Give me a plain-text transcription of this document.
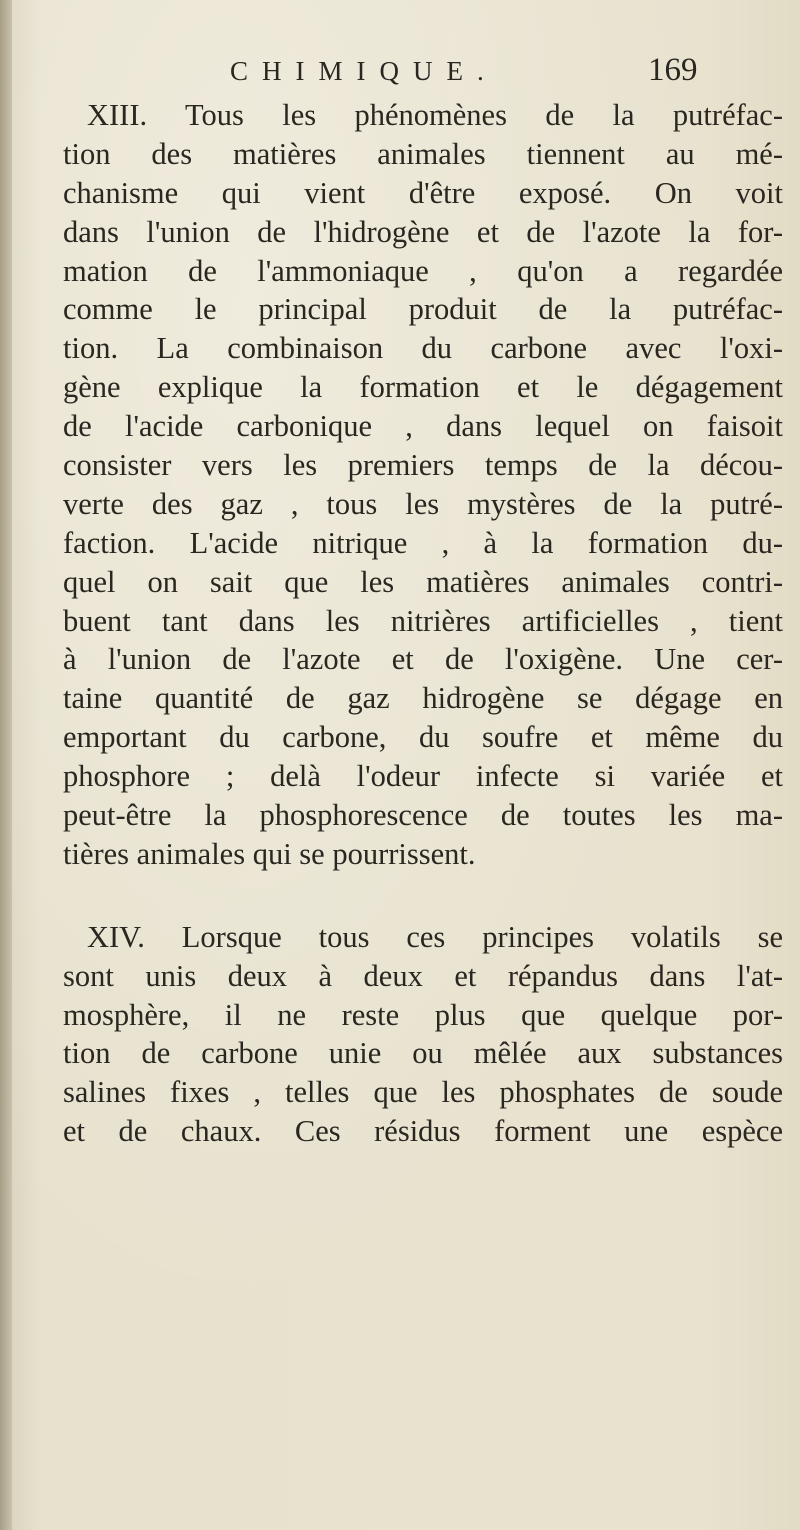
CHIMIQUE.	169
XIII. Tous les phénomènes de la putréfac-
tion des matières animales tiennent au mé-
chanisme qui vient d'être exposé. On voit
dans l'union de l'hidrogène et de l'azote la for-
mation de l'ammoniaque , qu'on a regardée
comme le principal produit de la putréfac-
tion. La combinaison du carbone avec l'oxi-
gène explique la formation et le dégagement
de l'acide carbonique , dans lequel on faisoit
consister vers les premiers temps de la décou-
verte des gaz , tous les mystères de la putré-
faction. L'acide nitrique , à la formation du-
quel on sait que les matières animales contri-
buent tant dans les nitrières artificielles , tient
à l'union de l'azote et de l'oxigène. Une cer-
taine quantité de gaz hidrogène se dégage en
emportant du carbone, du soufre et même du
phosphore ; delà l'odeur infecte si variée et
peut-être la phosphorescence de toutes les ma-
tières animales qui se pourrissent.
XIV. Lorsque tous ces principes volatils se
sont unis deux à deux et répandus dans l'at-
mosphère, il ne reste plus que quelque por-
tion de carbone unie ou mêlée aux substances
salines fixes , telles que les phosphates de soude
et de chaux. Ces résidus forment une espèce
